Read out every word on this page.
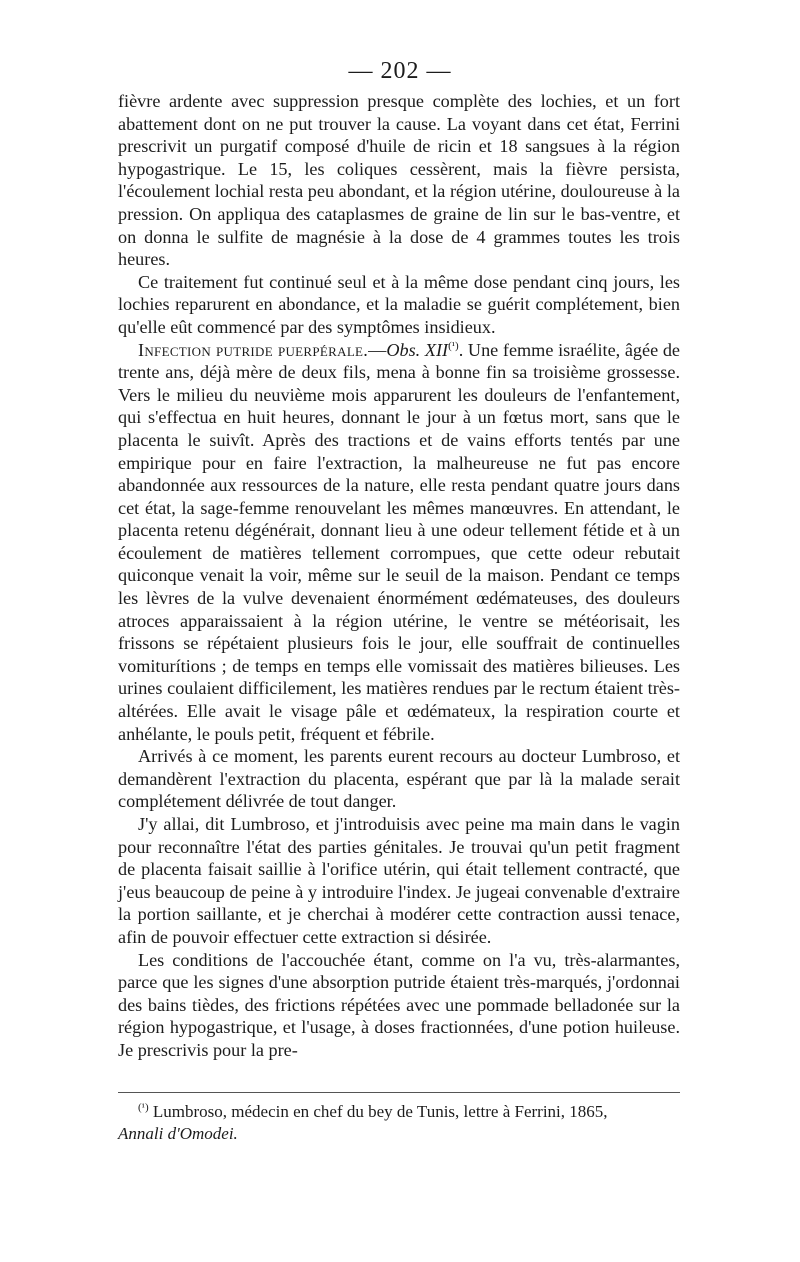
— 202 —

fièvre ardente avec suppression presque complète des lochies, et un fort abattement dont on ne put trouver la cause. La voyant dans cet état, Ferrini prescrivit un purgatif composé d'huile de ricin et 18 sangsues à la région hypogastrique. Le 15, les coliques cessèrent, mais la fièvre persista, l'écoulement lochial resta peu abondant, et la région utérine, douloureuse à la pression. On appliqua des cataplasmes de graine de lin sur le bas-ventre, et on donna le sulfite de magnésie à la dose de 4 grammes toutes les trois heures.

Ce traitement fut continué seul et à la même dose pendant cinq jours, les lochies reparurent en abondance, et la maladie se guérit complétement, bien qu'elle eût commencé par des symptômes insidieux.

Infection putride puerpérale.—Obs. $XII^{(^1)}$. Une femme israélite, âgée de trente ans, déjà mère de deux fils, mena à bonne fin sa troisième grossesse. Vers le milieu du neuvième mois apparurent les douleurs de l'enfantement, qui s'effectua en huit heures, donnant le jour à un fœtus mort, sans que le placenta le suivît. Après des tractions et de vains efforts tentés par une empirique pour en faire l'extraction, la malheureuse ne fut pas encore abandonnée aux ressources de la nature, elle resta pendant quatre jours dans cet état, la sage-femme renouvelant les mêmes manœuvres. En attendant, le placenta retenu dégénérait, donnant lieu à une odeur tellement fétide et à un écoulement de matières tellement corrompues, que cette odeur rebutait quiconque venait la voir, même sur le seuil de la maison. Pendant ce temps les lèvres de la vulve devenaient énormément œdémateuses, des douleurs atroces apparaissaient à la région utérine, le ventre se météorisait, les frissons se répétaient plusieurs fois le jour, elle souffrait de continuelles vomiturítions ; de temps en temps elle vomissait des matières bilieuses. Les urines coulaient difficilement, les matières rendues par le rectum étaient très-altérées. Elle avait le visage pâle et œdémateux, la respiration courte et anhélante, le pouls petit, fréquent et fébrile.

Arrivés à ce moment, les parents eurent recours au docteur Lumbroso, et demandèrent l'extraction du placenta, espérant que par là la malade serait complétement délivrée de tout danger.

J'y allai, dit Lumbroso, et j'introduisis avec peine ma main dans le vagin pour reconnaître l'état des parties génitales. Je trouvai qu'un petit fragment de placenta faisait saillie à l'orifice utérin, qui était tellement contracté, que j'eus beaucoup de peine à y introduire l'index. Je jugeai convenable d'extraire la portion saillante, et je cherchai à modérer cette contraction aussi tenace, afin de pouvoir effectuer cette extraction si désirée.

Les conditions de l'accouchée étant, comme on l'a vu, très-alarmantes, parce que les signes d'une absorption putride étaient très-marqués, j'ordonnai des bains tièdes, des frictions répétées avec une pommade belladonée sur la région hypogastrique, et l'usage, à doses fractionnées, d'une potion huileuse. Je prescrivis pour la pre-

$^{(^1)}$ Lumbroso, médecin en chef du bey de Tunis, lettre à Ferrini, 1865,
Annali d'Omodei.
